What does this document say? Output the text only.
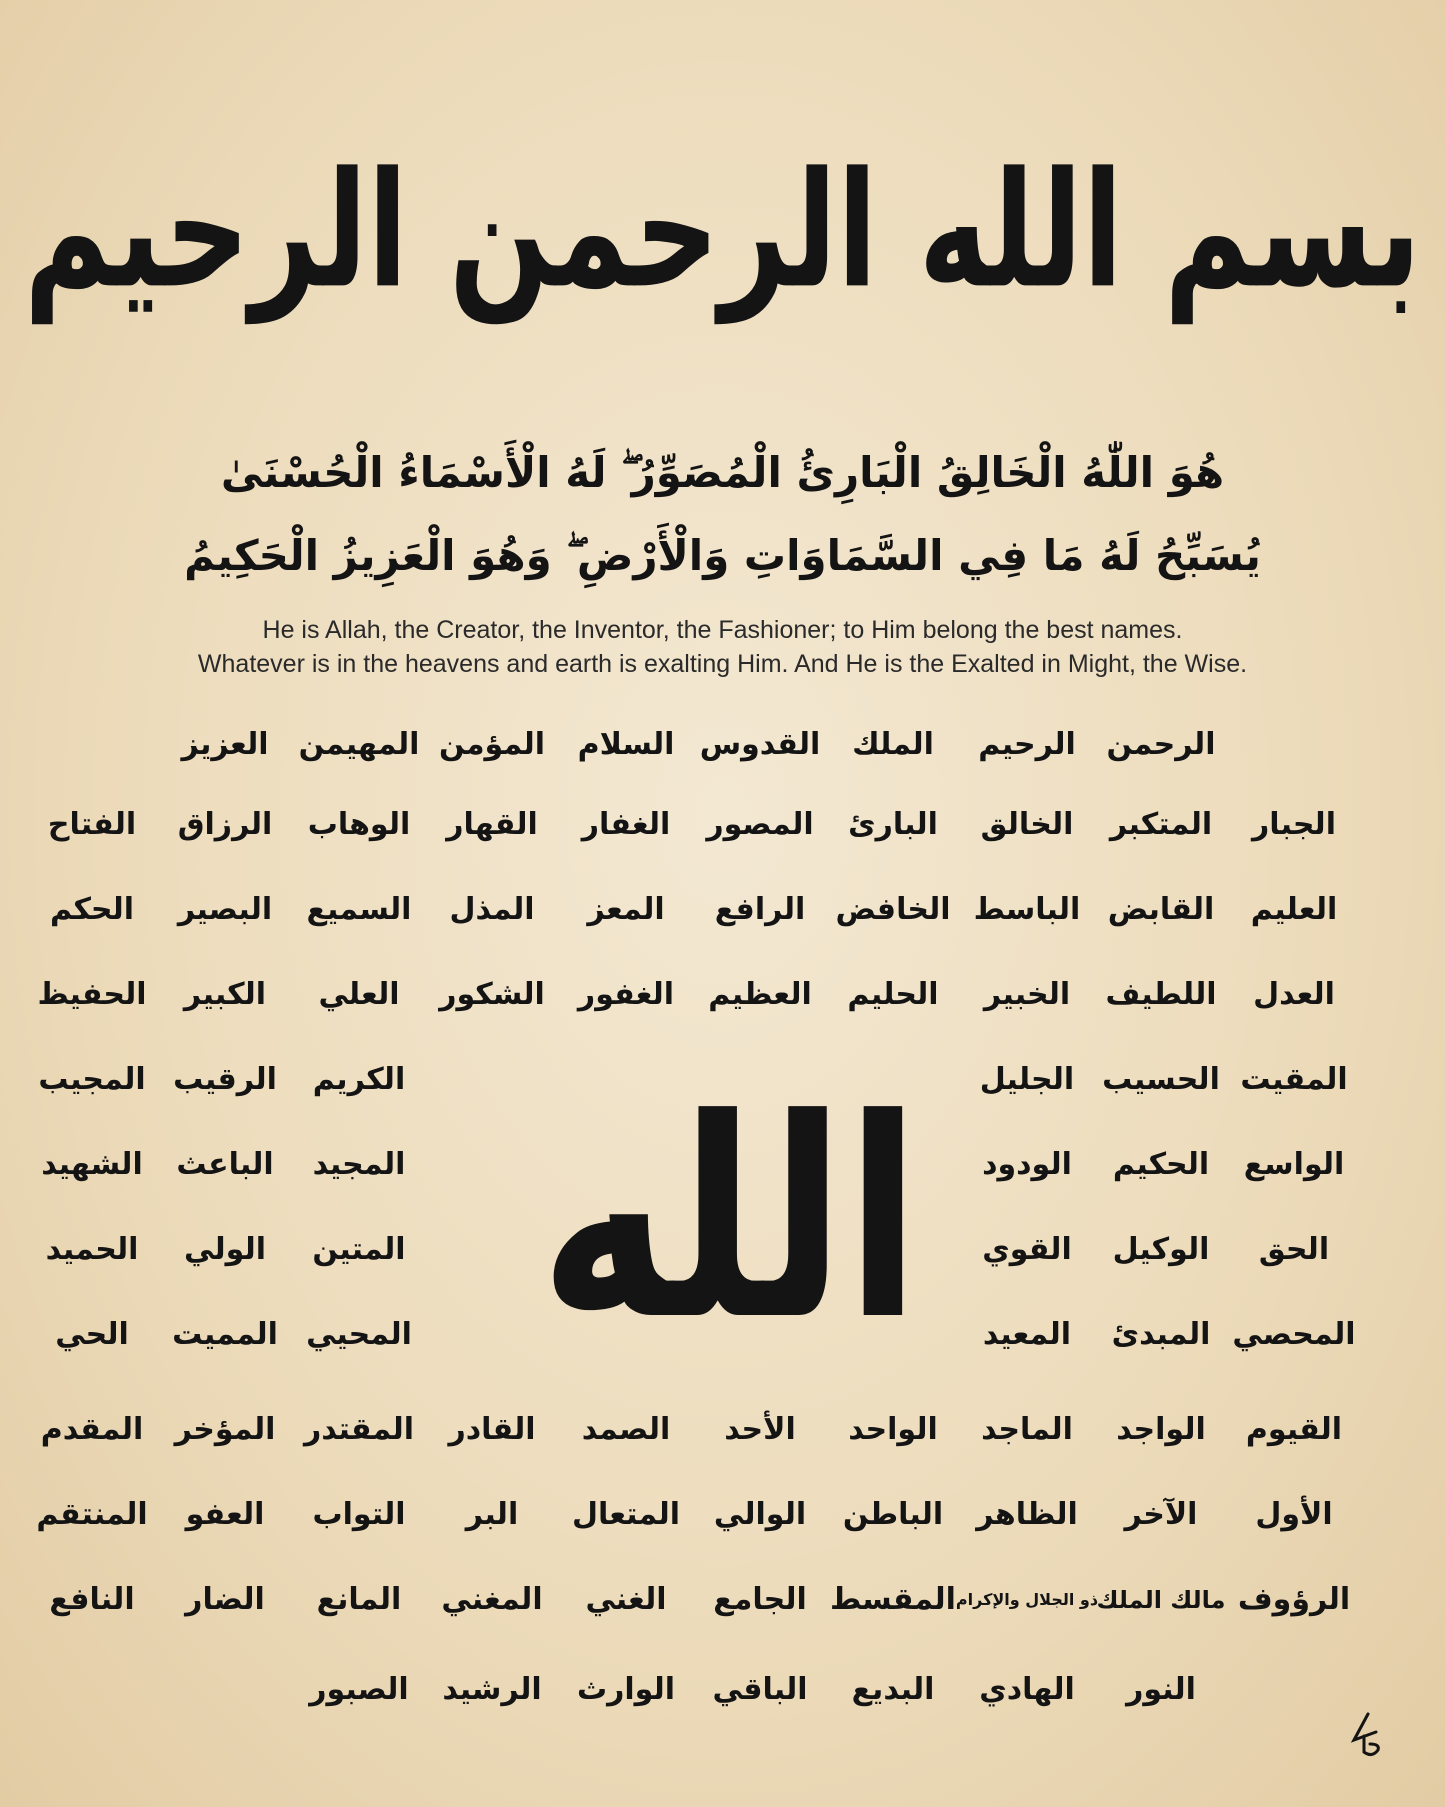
بسم الله الرحمن الرحيم
هُوَ اللّٰهُ الْخَالِقُ الْبَارِئُ الْمُصَوِّرُ ۖ لَهُ الْأَسْمَاءُ الْحُسْنَىٰ
يُسَبِّحُ لَهُ مَا فِي السَّمَاوَاتِ وَالْأَرْضِ ۖ وَهُوَ الْعَزِيزُ الْحَكِيمُ
He is Allah, the Creator, the Inventor, the Fashioner; to Him belong the best names.
Whatever is in the heavens and earth is exalting Him. And He is the Exalted in Might, the Wise.
الرحمن
الرحيم
الملك
القدوس
السلام
المؤمن
المهيمن
العزيز
الجبار
المتكبر
الخالق
البارئ
المصور
الغفار
القهار
الوهاب
الرزاق
الفتاح
العليم
القابض
الباسط
الخافض
الرافع
المعز
المذل
السميع
البصير
الحكم
العدل
اللطيف
الخبير
الحليم
العظيم
الغفور
الشكور
العلي
الكبير
الحفيظ
المقيت
الحسيب
الجليل
الكريم
الرقيب
المجيب
الواسع
الحكيم
الودود
المجيد
الباعث
الشهيد
الحق
الوكيل
القوي
المتين
الولي
الحميد
المحصي
المبدئ
المعيد
المحيي
المميت
الحي
القيوم
الواجد
الماجد
الواحد
الأحد
الصمد
القادر
المقتدر
المؤخر
المقدم
الأول
الآخر
الظاهر
الباطن
الوالي
المتعال
البر
التواب
العفو
المنتقم
الرؤوف
مالك الملك
ذو الجلال والإكرام
المقسط
الجامع
الغني
المغني
المانع
الضار
النافع
النور
الهادي
البديع
الباقي
الوارث
الرشيد
الصبور
الله
